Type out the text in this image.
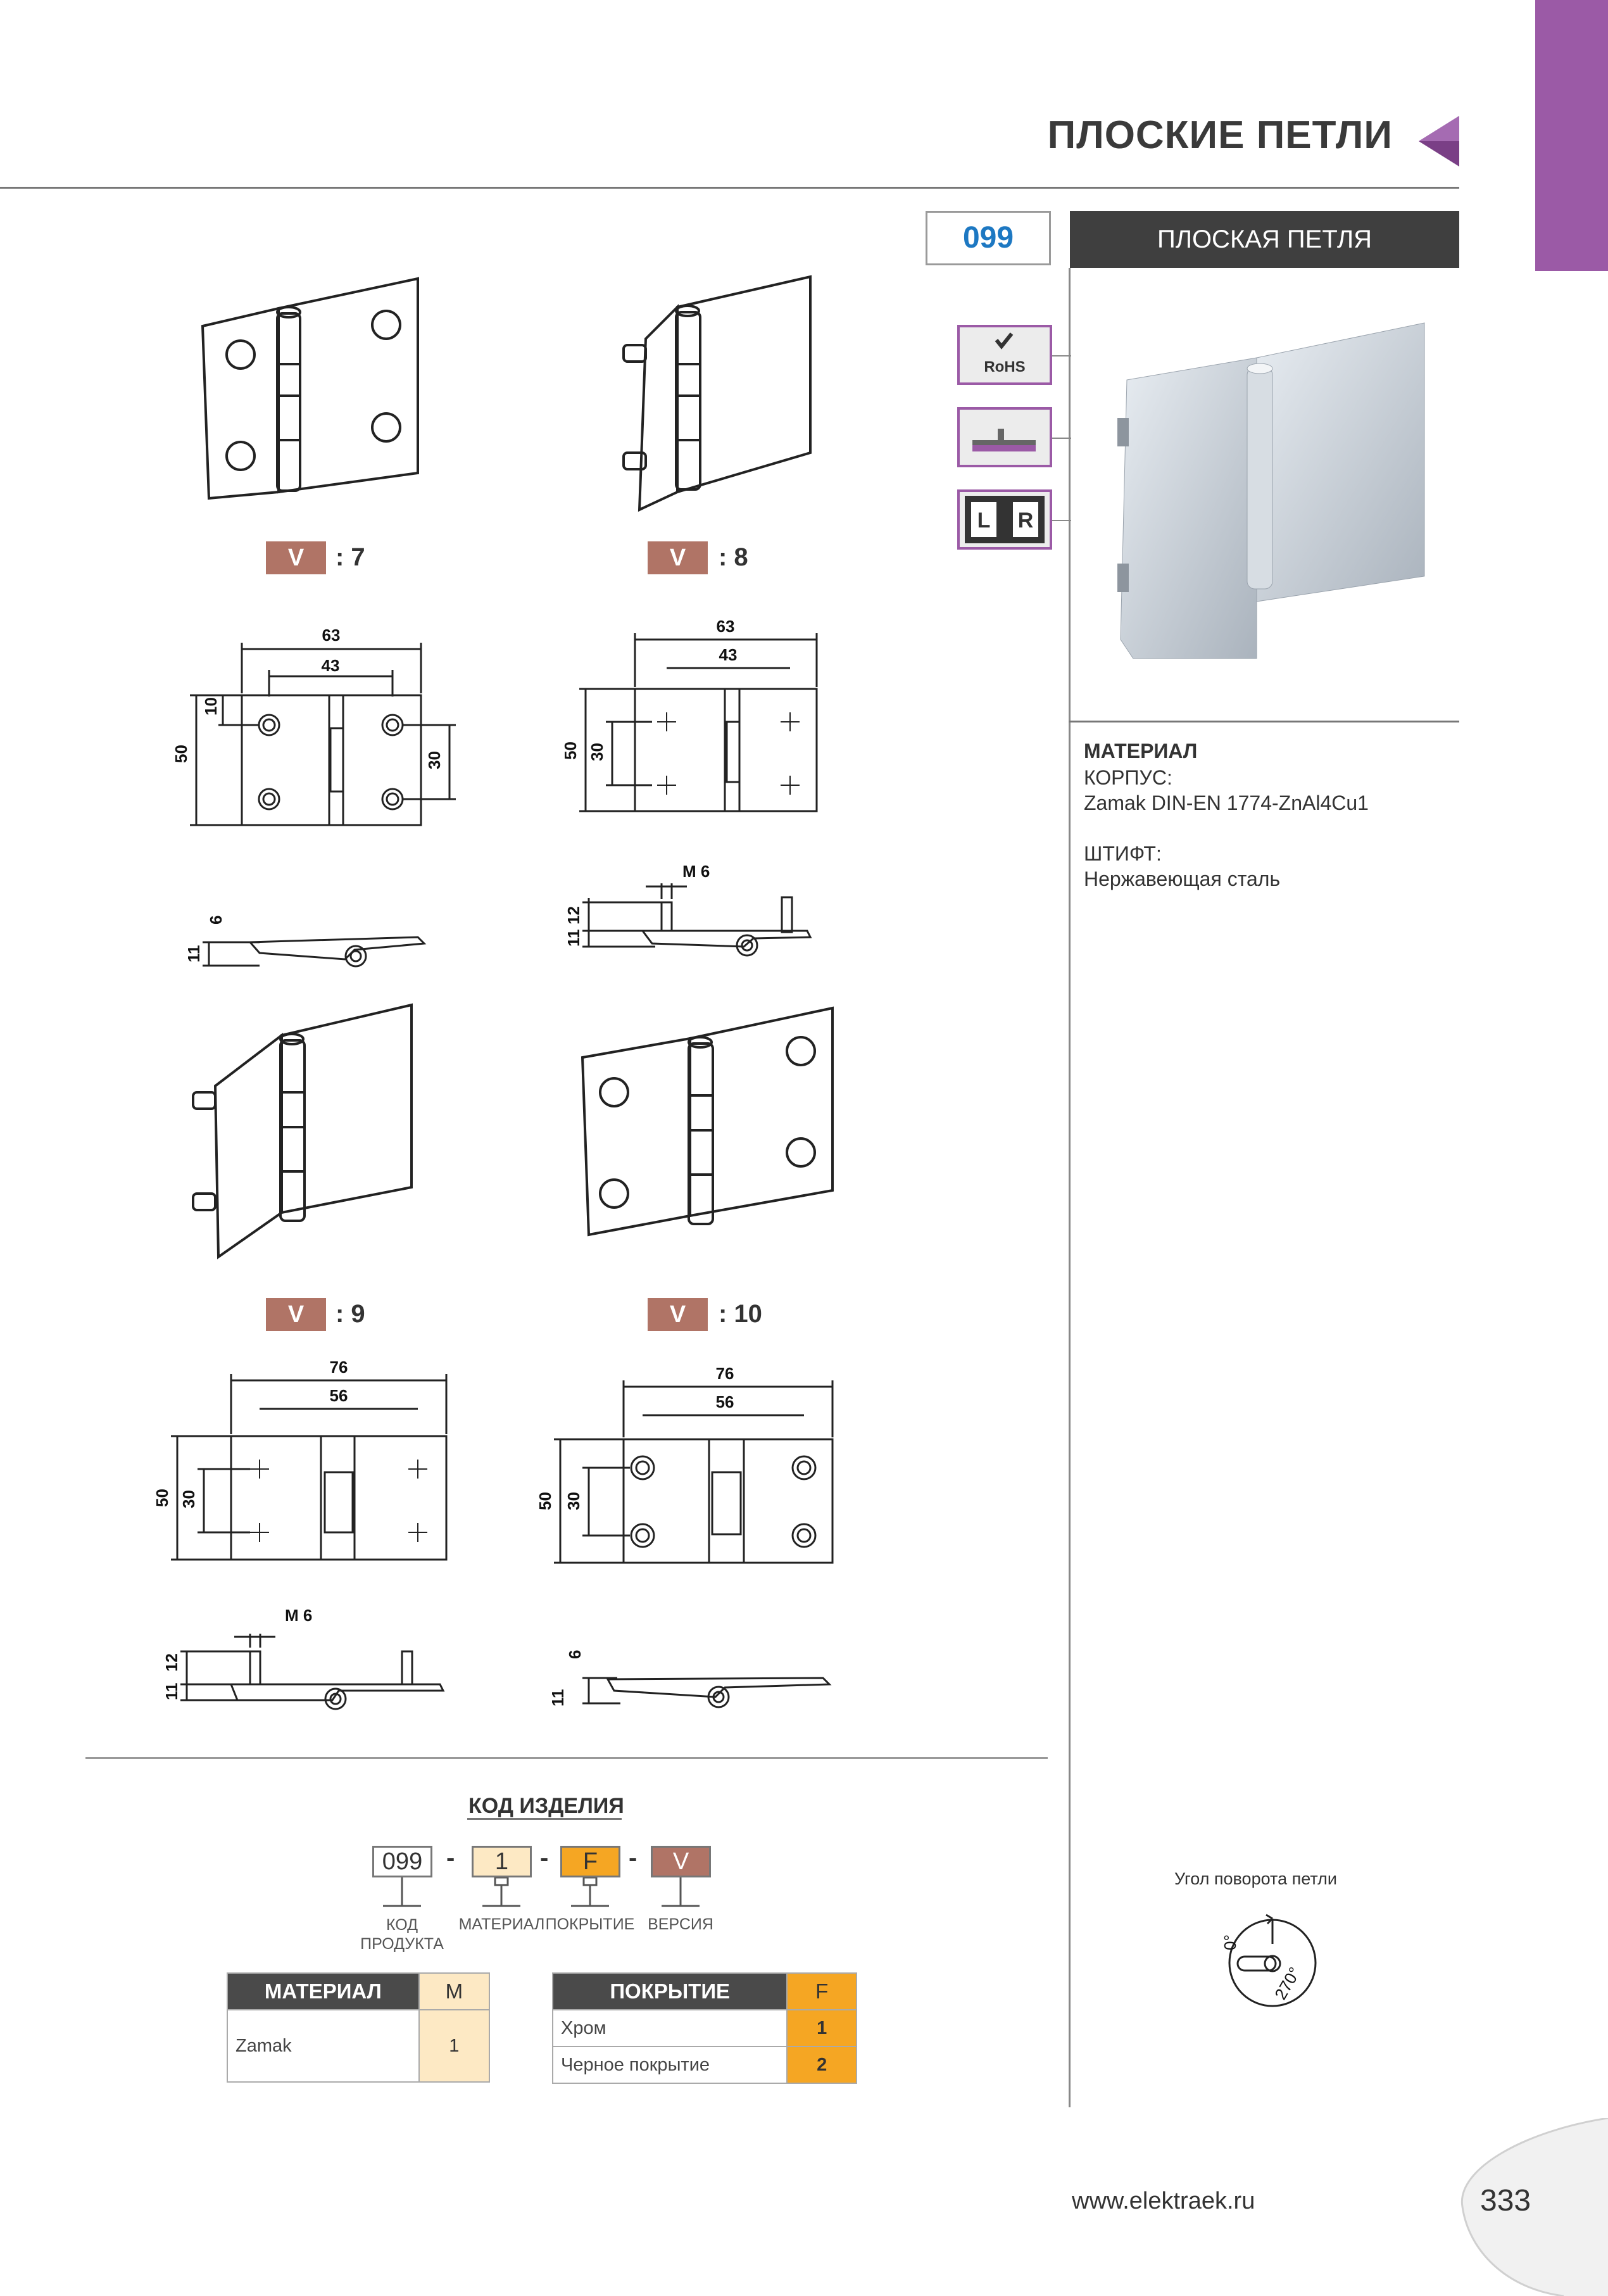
ПЛОСКИЕ ПЕТЛИ
099	ПЛОСКАЯ ПЕТЛЯ
RoHS
L R
МАТЕРИАЛ
КОРПУС:
Zamak DIN-EN 1774-ZnAl4Cu1
ШТИФТ:
Нержавеющая сталь
V	: 7	V	: 8
V	: 9	V	: 10
63
43
50
10
30
6
11
63
43
50 30
M 6
12
11
76
56
50 30
M 6
12
11
76
56
50 30
6
11
КОД ИЗДЕЛИЯ
099 -	1	-	F	-	V
КОД
ПРОДУКТА
МАТЕРИАЛ ПОКРЫТИЕ ВЕРСИЯ
МАТЕРИАЛ	M
Zamak	1
ПОКРЫТИЕ	F
Хром	1
Черное покрытие	2
Угол поворота петли
0°
270°
www.elektraek.ru	333
